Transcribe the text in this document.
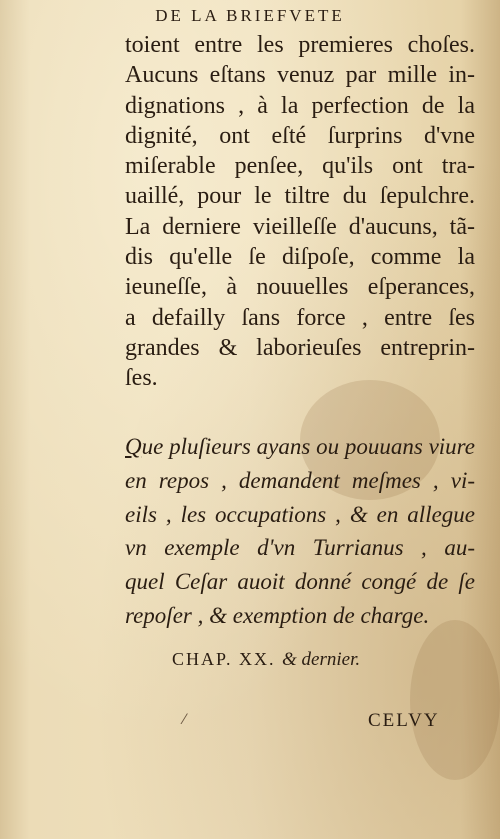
DE LA BRIEFVETE
toient entre les premieres choſes.
Aucuns eſtans venuz par mille in-
dignations , à la perfection de la
dignité, ont eſté ſurprins d'vne
miſerable penſee, qu'ils ont tra-
uaillé, pour le tiltre du ſepulchre.
La derniere vieilleſſe d'aucuns, tã-
dis qu'elle ſe diſpoſe, comme la
ieuneſſe, à nouuelles eſperances,
a defailly ſans force , entre ſes
grandes & laborieuſes entreprin-
ſes.
Que pluſieurs ayans ou pouuans viure
en repos , demandent meſmes , vi-
eils , les occupations , & en allegue
vn exemple d'vn Turrianus , au-
quel Ceſar auoit donné congé de ſe
repoſer , & exemption de charge.
CHAP. XX. & dernier.
⁄	CELVY
